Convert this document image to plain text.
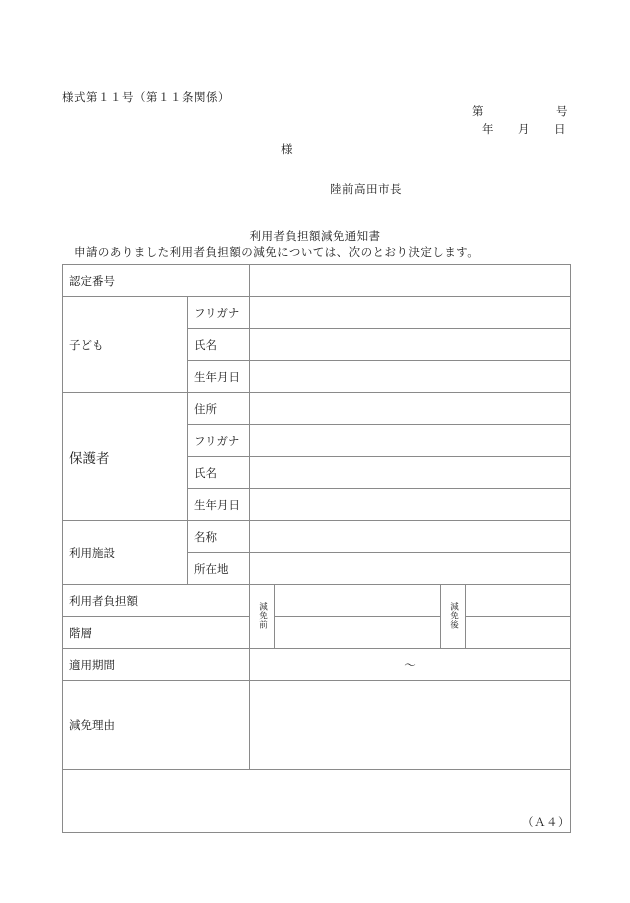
様式第１１号（第１１条関係）
第　　　　　　号
年　　月　　日
様
陸前高田市長
利用者負担額減免通知書
申請のありました利用者負担額の減免については、次のとおり決定します。
認定番号					

子ども	フリガナ				

氏名				

生年月日				

保護者	住所				

フリガナ				

氏名				

生年月日				

利用施設	名称				

所在地				

利用者負担額		減免前		減免後	

階層					

適用期間		～			

減免理由					

（Ａ４）
